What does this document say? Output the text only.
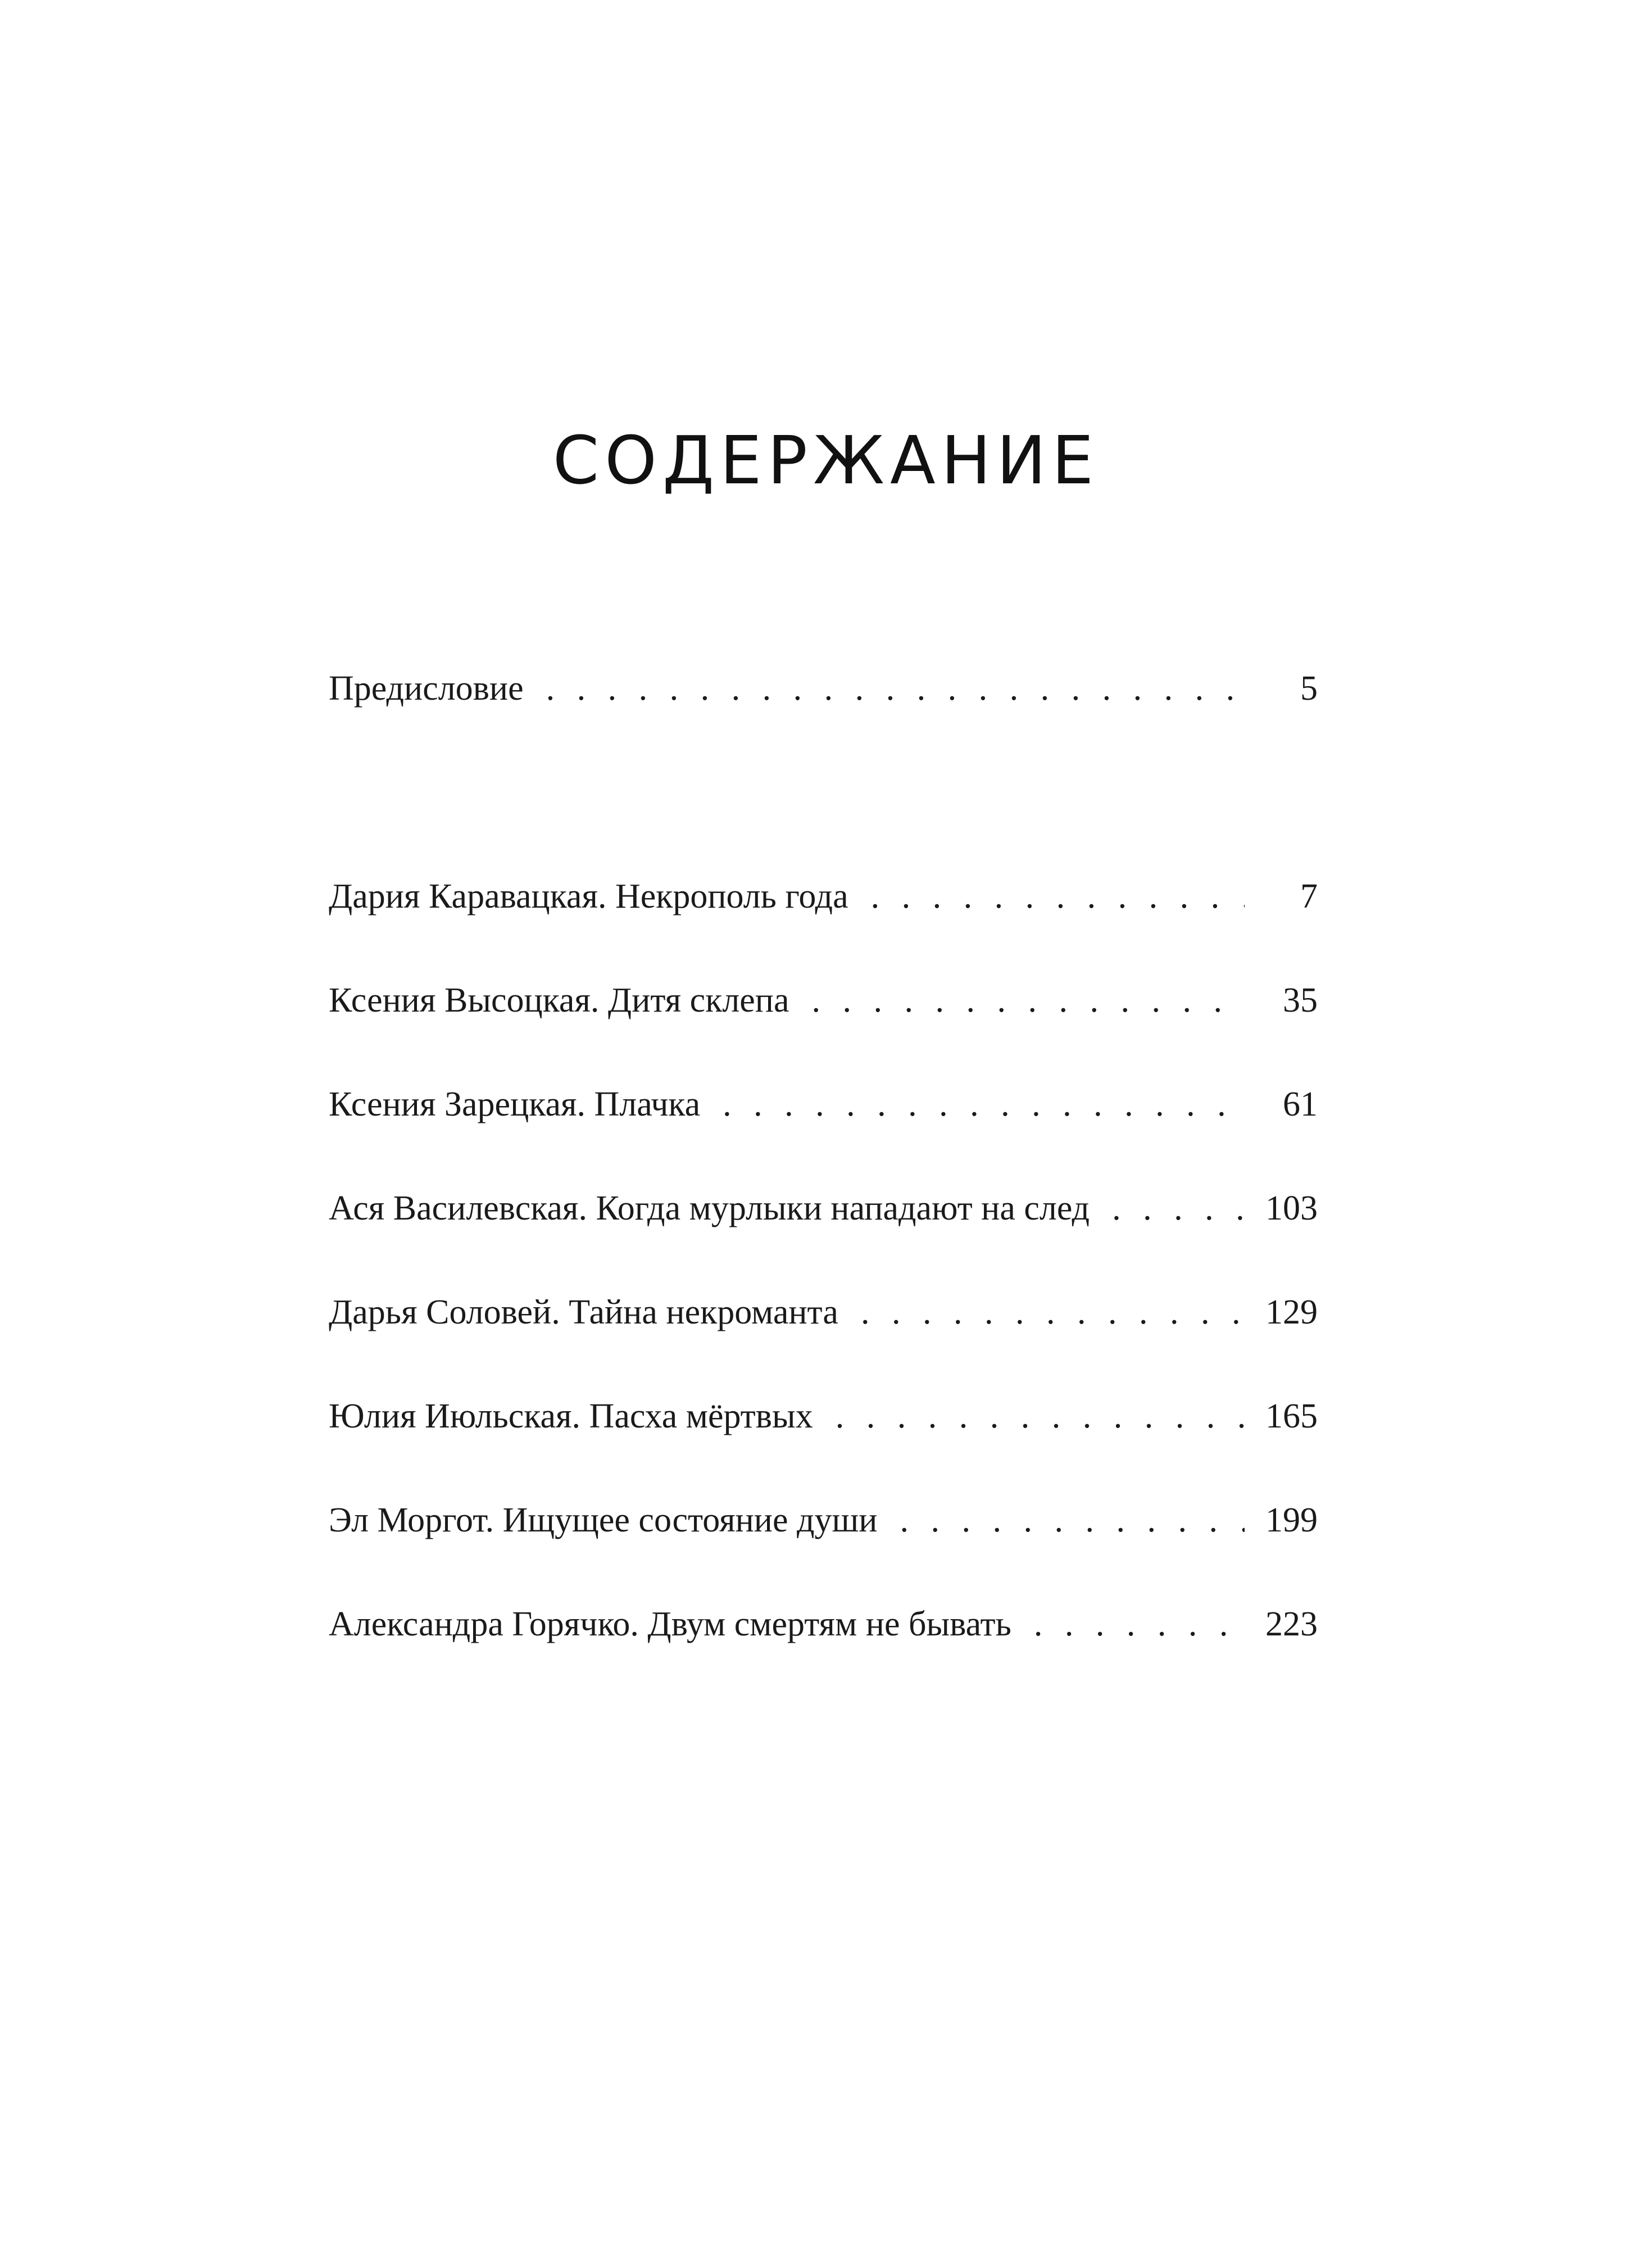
СОДЕРЖАНИЕ
Предисловие . . .	5
Дария Каравацкая. Некрополь года . . .	7
Ксения Высоцкая. Дитя склепа . . .	35
Ксения Зарецкая. Плачка . . .	61
Ася Василевская. Когда мурлыки нападают на след . . .	103
Дарья Соловей. Тайна некроманта . . .	129
Юлия Июльская. Пасха мёртвых . . .	165
Эл Моргот. Ищущее состояние души . . .	199
Александра Горячко. Двум смертям не бывать . . .	223
